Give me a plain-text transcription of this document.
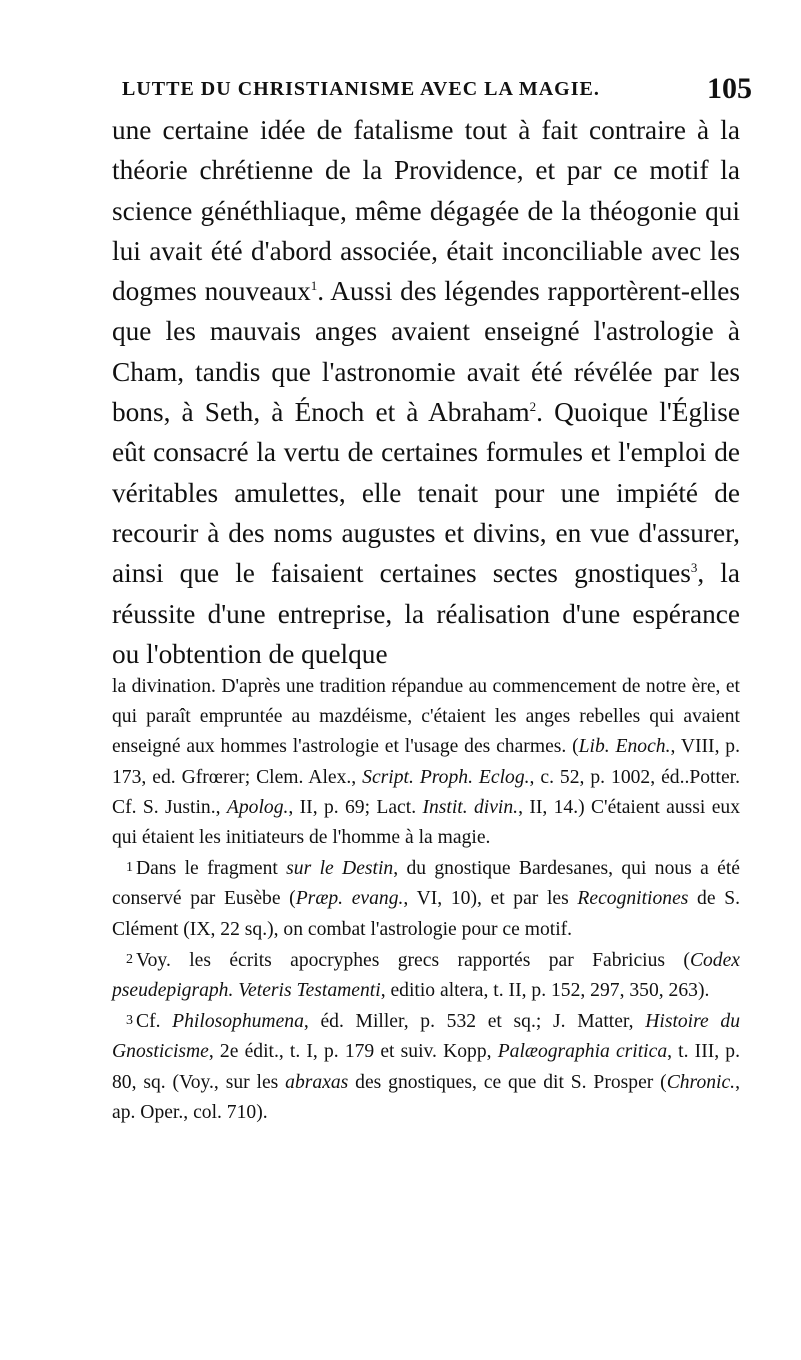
LUTTE DU CHRISTIANISME AVEC LA MAGIE.	105

une certaine idée de fatalisme tout à fait contraire à la théorie chrétienne de la Providence, et par ce motif la science généthliaque, même dégagée de la théogonie qui lui avait été d'abord associée, était inconciliable avec les dogmes nouveaux$^1$. Aussi des légendes rapportèrent-elles que les mauvais anges avaient enseigné l'astrologie à Cham, tandis que l'astronomie avait été révélée par les bons, à Seth, à Énoch et à Abraham$^2$. Quoique l'Église eût consacré la vertu de certaines formules et l'emploi de véritables amulettes, elle tenait pour une impiété de recourir à des noms augustes et divins, en vue d'assurer, ainsi que le faisaient certaines sectes gnostiques$^3$, la réussite d'une entreprise, la réalisation d'une espérance ou l'obtention de quelque

la divination. D'après une tradition répandue au commencement de notre ère, et qui paraît empruntée au mazdéisme, c'étaient les anges rebelles qui avaient enseigné aux hommes l'astrologie et l'usage des charmes. (Lib. Enoch., VIII, p. 173, ed. Gfrœrer; Clem. Alex., Script. Proph. Eclog., c. 52, p. 1002, éd..Potter. Cf. S. Justin., Apolog., II, p. 69; Lact. Instit. divin., II, 14.) C'étaient aussi eux qui étaient les initiateurs de l'homme à la magie.

1 Dans le fragment sur le Destin, du gnostique Bardesanes, qui nous a été conservé par Eusèbe (Præp. evang., VI, 10), et par les Recognitiones de S. Clément (IX, 22 sq.), on combat l'astrologie pour ce motif.

2 Voy. les écrits apocryphes grecs rapportés par Fabricius (Codex pseudepigraph. Veteris Testamenti, editio altera, t. II, p. 152, 297, 350, 263).

3 Cf. Philosophumena, éd. Miller, p. 532 et sq.; J. Matter, Histoire du Gnosticisme, 2e édit., t. I, p. 179 et suiv. Kopp, Palæographia critica, t. III, p. 80, sq. (Voy., sur les abraxas des gnostiques, ce que dit S. Prosper (Chronic., ap. Oper., col. 710).
